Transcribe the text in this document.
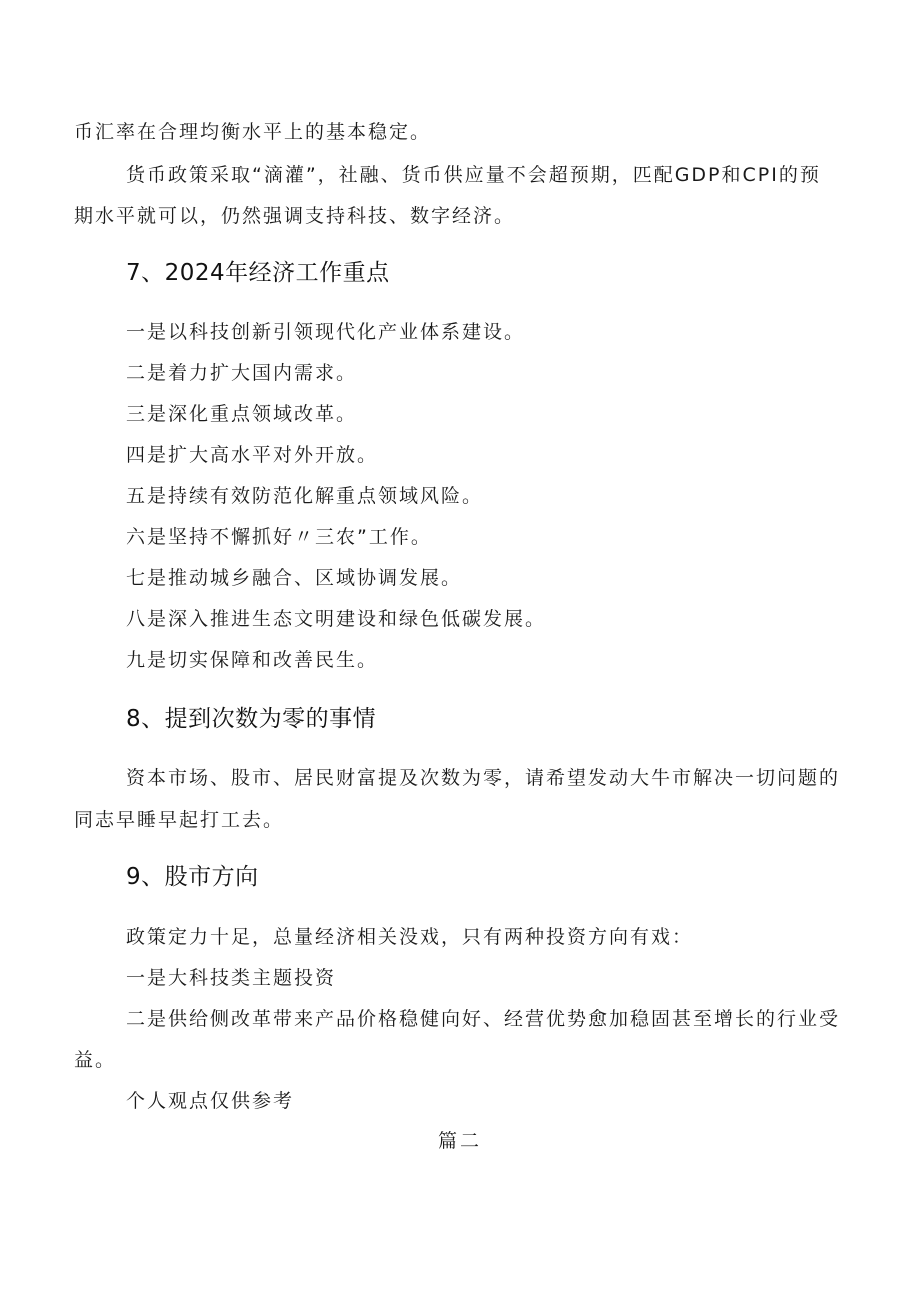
币汇率在合理均衡水平上的基本稳定。

货币政策采取“滴灌”，社融、货币供应量不会超预期，匹配GDP和CPI的预

期水平就可以，仍然强调支持科技、数字经济。

7、2024年经济工作重点

一是以科技创新引领现代化产业体系建设。

二是着力扩大国内需求。

三是深化重点领域改革。

四是扩大高水平对外开放。

五是持续有效防范化解重点领域风险。

六是坚持不懈抓好〃三农”工作。

七是推动城乡融合、区域协调发展。

八是深入推进生态文明建设和绿色低碳发展。

九是切实保障和改善民生。

8、提到次数为零的事情

资本市场、股市、居民财富提及次数为零，请希望发动大牛市解决一切问题的

同志早睡早起打工去。

9、股市方向

政策定力十足，总量经济相关没戏，只有两种投资方向有戏：

一是大科技类主题投资

二是供给侧改革带来产品价格稳健向好、经营优势愈加稳固甚至增长的行业受

益。

个人观点仅供参考

篇二
